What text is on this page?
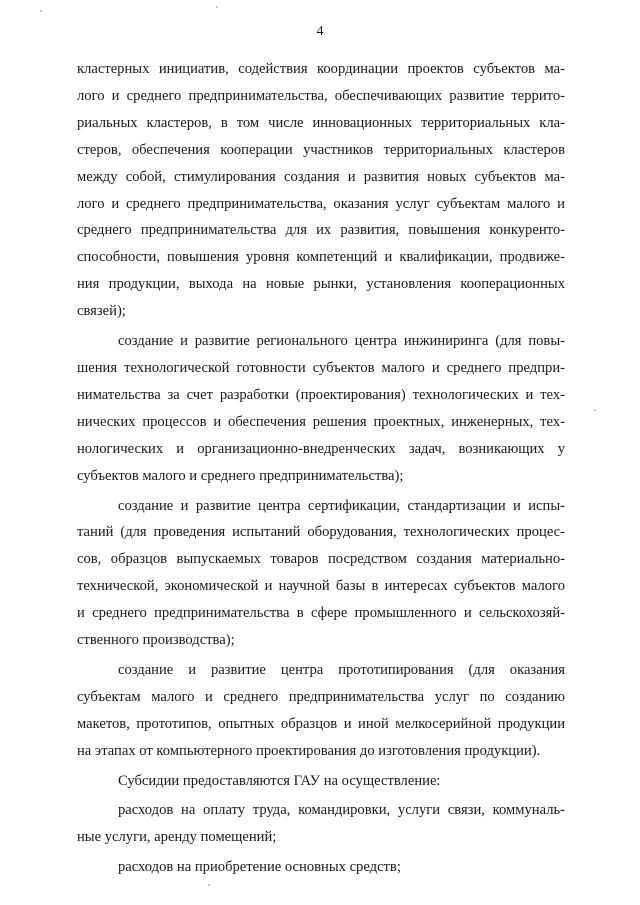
4
кластерных инициатив, содействия координации проектов субъектов ма-
лого и среднего предпринимательства, обеспечивающих развитие террито-
риальных кластеров, в том числе инновационных территориальных кла-
стеров, обеспечения кооперации участников территориальных кластеров
между собой, стимулирования создания и развития новых субъектов ма-
лого и среднего предпринимательства, оказания услуг субъектам малого и
среднего предпринимательства для их развития, повышения конкуренто-
способности, повышения уровня компетенций и квалификации, продвиже-
ния продукции, выхода на новые рынки, установления кооперационных
связей);
создание и развитие регионального центра инжиниринга (для повы-
шения технологической готовности субъектов малого и среднего предпри-
нимательства за счет разработки (проектирования) технологических и тех-
нических процессов и обеспечения решения проектных, инженерных, тех-
нологических и организационно-внедренческих задач, возникающих у
субъектов малого и среднего предпринимательства);
создание и развитие центра сертификации, стандартизации и испы-
таний (для проведения испытаний оборудования, технологических процес-
сов, образцов выпускаемых товаров посредством создания материально-
технической, экономической и научной базы в интересах субъектов малого
и среднего предпринимательства в сфере промышленного и сельскохозяй-
ственного производства);
создание и развитие центра прототипирования (для оказания
субъектам малого и среднего предпринимательства услуг по созданию
макетов, прототипов, опытных образцов и иной мелкосерийной продукции
на этапах от компьютерного проектирования до изготовления продукции).
Субсидии предоставляются ГАУ на осуществление:
расходов на оплату труда, командировки, услуги связи, коммуналь-
ные услуги, аренду помещений;
расходов на приобретение основных средств;
